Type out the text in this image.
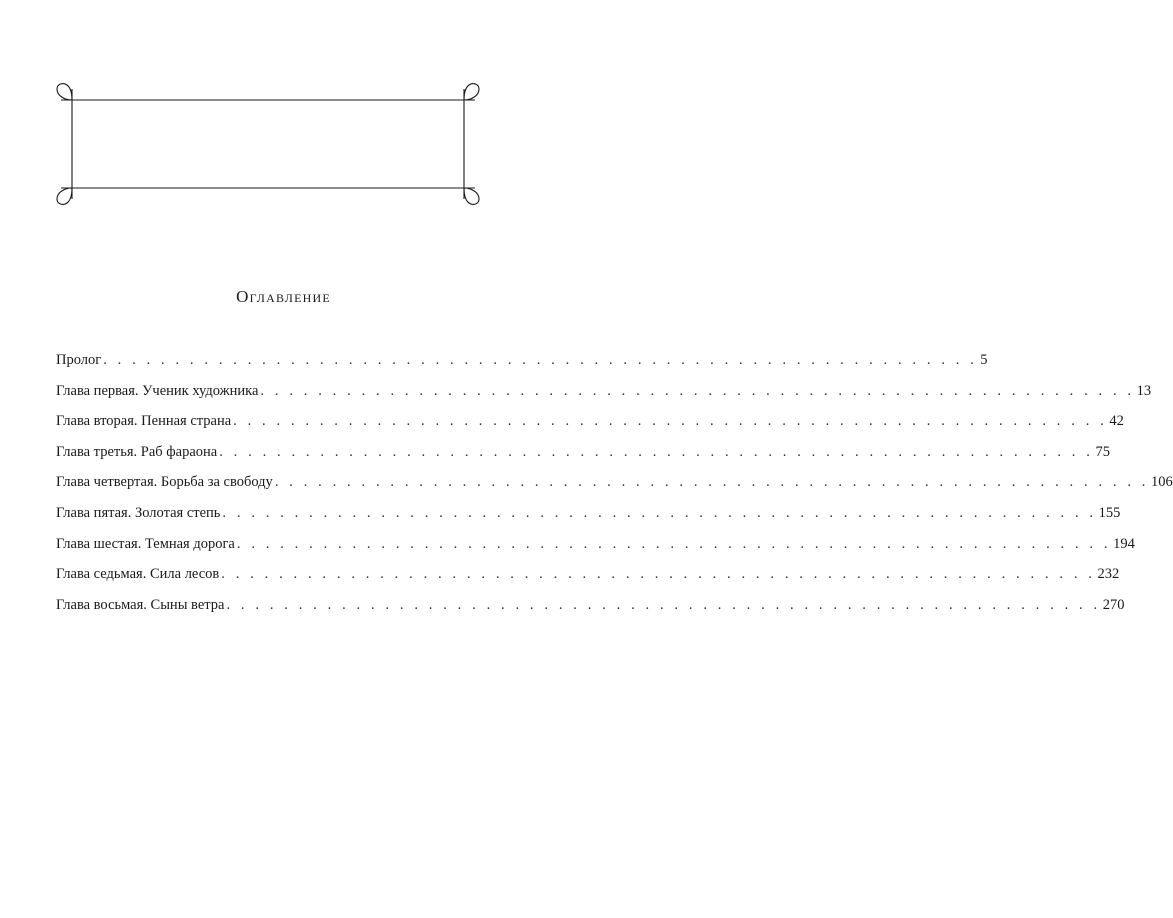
Оглавление
Пролог . . . . . . . . . . . . . . . . . . . . . . . . . . . . . . . . . . . . . . . . . . . . . . . . . . . . . . . . . . . . . 5
Глава первая. Ученик художника . . . . . . . . . . . . . . . . . . . . . . . . . . . . . . . . . . . . . . . . . . . . . . . . . . . . . . . . . . . . . 13
Глава вторая. Пенная страна . . . . . . . . . . . . . . . . . . . . . . . . . . . . . . . . . . . . . . . . . . . . . . . . . . . . . . . . . . . . . 42
Глава третья. Раб фараона . . . . . . . . . . . . . . . . . . . . . . . . . . . . . . . . . . . . . . . . . . . . . . . . . . . . . . . . . . . . . 75
Глава четвертая. Борьба за свободу . . . . . . . . . . . . . . . . . . . . . . . . . . . . . . . . . . . . . . . . . . . . . . . . . . . . . . . . . . . . . 106
Глава пятая. Золотая степь . . . . . . . . . . . . . . . . . . . . . . . . . . . . . . . . . . . . . . . . . . . . . . . . . . . . . . . . . . . . . 155
Глава шестая. Темная дорога . . . . . . . . . . . . . . . . . . . . . . . . . . . . . . . . . . . . . . . . . . . . . . . . . . . . . . . . . . . . . 194
Глава седьмая. Сила лесов . . . . . . . . . . . . . . . . . . . . . . . . . . . . . . . . . . . . . . . . . . . . . . . . . . . . . . . . . . . . . 232
Глава восьмая. Сыны ветра . . . . . . . . . . . . . . . . . . . . . . . . . . . . . . . . . . . . . . . . . . . . . . . . . . . . . . . . . . . . . 270
